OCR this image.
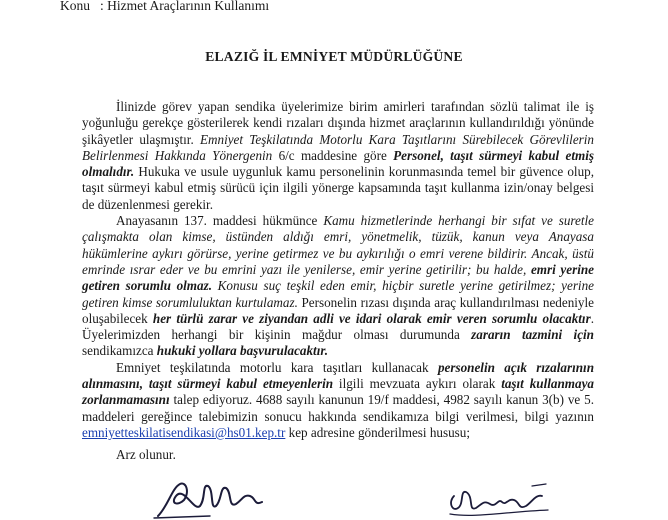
Konu : Hizmet Araçlarının Kullanımı
ELAZIĞ İL EMNİYET MÜDÜRLÜĞÜNE

İlinizde görev yapan sendika üyelerimize birim amirleri tarafından sözlü talimat ile iş yoğunluğu gerekçe gösterilerek kendi rızaları dışında hizmet araçlarının kullandırıldığı yönünde şikâyetler ulaşmıştır. Emniyet Teşkilatında Motorlu Kara Taşıtlarını Sürebilecek Görevlilerin Belirlenmesi Hakkında Yönergenin 6/c maddesine göre Personel, taşıt sürmeyi kabul etmiş olmalıdır. Hukuka ve usule uygunluk kamu personelinin korunmasında temel bir güvence olup, taşıt sürmeyi kabul etmiş sürücü için ilgili yönerge kapsamında taşıt kullanma izin/onay belgesi de düzenlenmesi gerekir.

Anayasanın 137. maddesi hükmünce Kamu hizmetlerinde herhangi bir sıfat ve suretle çalışmakta olan kimse, üstünden aldığı emri, yönetmelik, tüzük, kanun veya Anayasa hükümlerine aykırı görürse, yerine getirmez ve bu aykırılığı o emri verene bildirir. Ancak, üstü emrinde ısrar eder ve bu emrini yazı ile yenilerse, emir yerine getirilir; bu halde, emri yerine getiren sorumlu olmaz. Konusu suç teşkil eden emir, hiçbir suretle yerine getirilmez; yerine getiren kimse sorumluluktan kurtulamaz. Personelin rızası dışında araç kullandırılması nedeniyle oluşabilecek her türlü zarar ve ziyandan adli ve idari olarak emir veren sorumlu olacaktır. Üyelerimizden herhangi bir kişinin mağdur olması durumunda zararın tazmini için sendikamızca hukuki yollara başvurulacaktır.

Emniyet teşkilatında motorlu kara taşıtları kullanacak personelin açık rızalarının alınmasını, taşıt sürmeyi kabul etmeyenlerin ilgili mevzuata aykırı olarak taşıt kullanmaya zorlanmamasını talep ediyoruz. 4688 sayılı kanunun 19/f maddesi, 4982 sayılı kanun 3(b) ve 5. maddeleri gereğince talebimizin sonucu hakkında sendikamıza bilgi verilmesi, bilgi yazının emniyetteskilatisendikasi@hs01.kep.tr kep adresine gönderilmesi hususu;

Arz olunur.
